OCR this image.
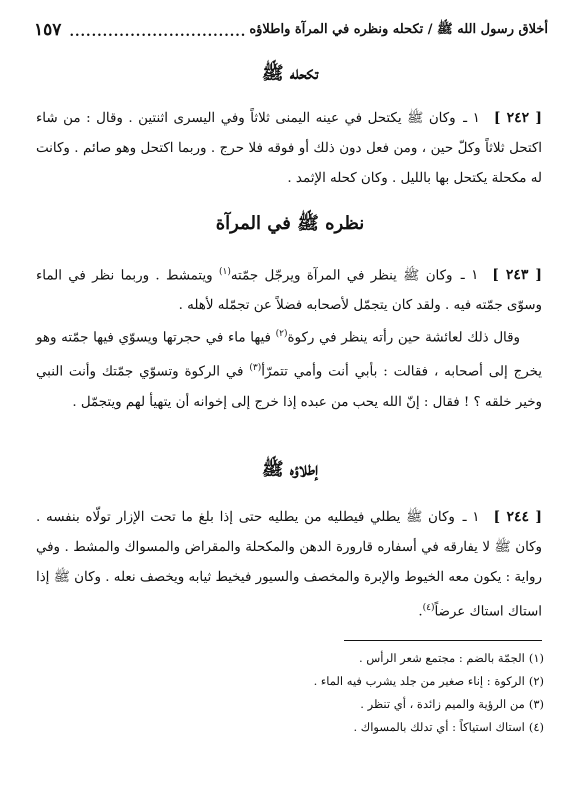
أخلاق رسول الله ﷺ / تكحله ونظره في المرآة واطلاؤه
................................
١٥٧
تكحله ﷺ
[ ٢٤٢ ]١ ـ وكان ﷺ يكتحل في عينه اليمنى ثلاثاً وفي اليسرى اثنتين . وقال : من شاء اكتحل ثلاثاً وكلّ حين ، ومن فعل دون ذلك أو فوقه فلا حرج . وربما اكتحل وهو صائم . وكانت له مكحلة يكتحل بها بالليل . وكان كحله الإثمد .
نظره ﷺ في المرآة
[ ٢٤٣ ]١ ـ وكان ﷺ ينظر في المرآة ويرجّل جمّته$^{(١)}$ ويتمشط . وربما نظر في الماء وسوّى جمّته فيه . ولقد كان يتجمّل لأصحابه فضلاً عن تجمّله لأهله .
وقال ذلك لعائشة حين رأته ينظر في ركوة$^{(٢)}$ فيها ماء في حجرتها ويسوّي فيها جمّته وهو يخرج إلى أصحابه ، فقالت : بأبي أنت وأمي تتمرّأ$^{(٣)}$ في الركوة وتسوّي جمّتك وأنت النبي وخير خلقه ؟ ! فقال : إنّ الله يحب من عبده إذا خرج إلى إخوانه أن يتهيأ لهم ويتجمّل .
إطلاؤه ﷺ
[ ٢٤٤ ]١ ـ وكان ﷺ يطلي فيطليه من يطليه حتى إذا بلغ ما تحت الإزار تولّاه بنفسه . وكان ﷺ لا يفارقه في أسفاره قارورة الدهن والمكحلة والمقراض والمسواك والمشط . وفي رواية : يكون معه الخيوط والإبرة والمخصف والسيور فيخيط ثيابه ويخصف نعله . وكان ﷺ إذا استاك استاك عرضاً$^{(٤)}$.
(١)الجمّة بالضم : مجتمع شعر الرأس .
(٢)الركوة : إناء صغير من جلد يشرب فيه الماء .
(٣)من الرؤية والميم زائدة ، أي تنظر .
(٤)استاك استياكاً : أي تدلك بالمسواك .
